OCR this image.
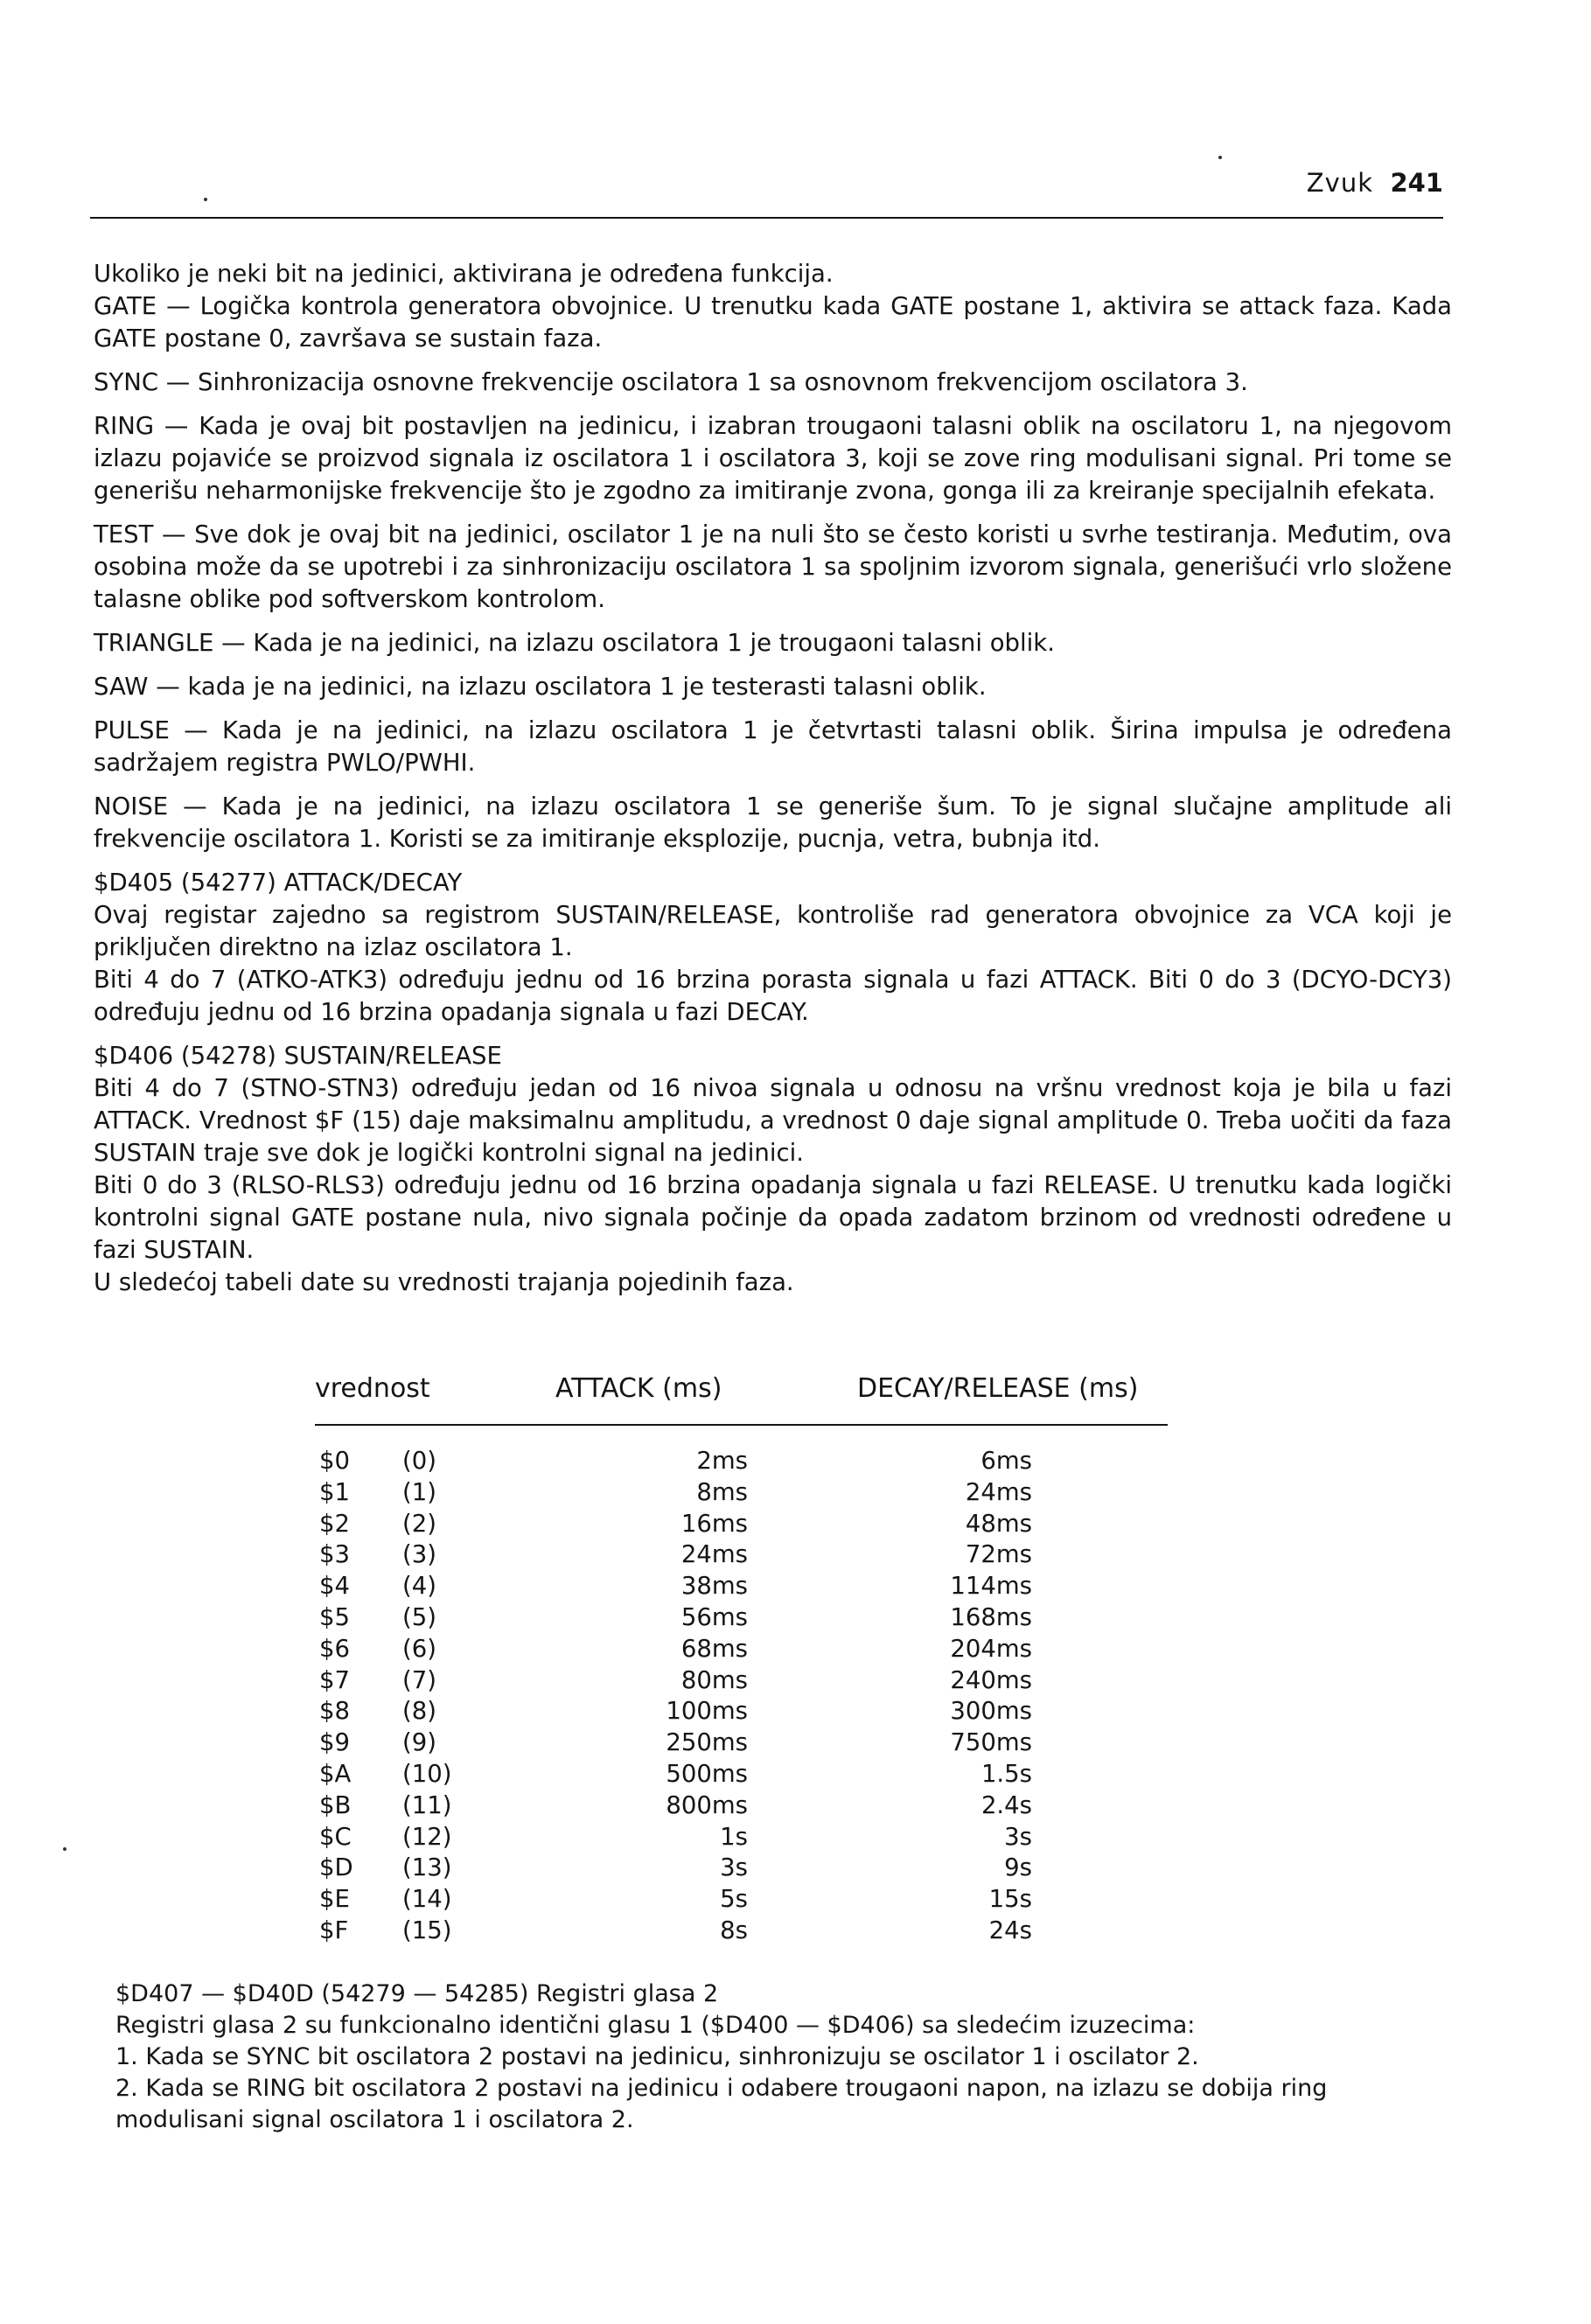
Zvuk 241

Ukoliko je neki bit na jedinici, aktivirana je određena funkcija.

GATE — Logička kontrola generatora obvojnice. U trenutku kada GATE postane 1, aktivira se attack faza. Kada GATE postane 0, završava se sustain faza.

SYNC — Sinhronizacija osnovne frekvencije oscilatora 1 sa osnovnom frekvencijom oscilatora 3.

RING — Kada je ovaj bit postavljen na jedinicu, i izabran trougaoni talasni oblik na oscilatoru 1, na njegovom izlazu pojaviće se proizvod signala iz oscilatora 1 i oscilatora 3, koji se zove ring modulisani signal. Pri tome se generišu neharmonijske frekvencije što je zgodno za imitiranje zvona, gonga ili za kreiranje specijalnih efekata.

TEST — Sve dok je ovaj bit na jedinici, oscilator 1 je na nuli što se često koristi u svrhe testiranja. Međutim, ova osobina može da se upotrebi i za sinhronizaciju oscilatora 1 sa spoljnim izvorom signala, generišući vrlo složene talasne oblike pod softverskom kontrolom.

TRIANGLE — Kada je na jedinici, na izlazu oscilatora 1 je trougaoni talasni oblik.

SAW — kada je na jedinici, na izlazu oscilatora 1 je testerasti talasni oblik.

PULSE — Kada je na jedinici, na izlazu oscilatora 1 je četvrtasti talasni oblik. Širina impulsa je određena sadržajem registra PWLO/PWHI.

NOISE — Kada je na jedinici, na izlazu oscilatora 1 se generiše šum. To je signal slučajne amplitude ali frekvencije oscilatora 1. Koristi se za imitiranje eksplozije, pucnja, vetra, bubnja itd.

$D405 (54277) ATTACK/DECAY

Ovaj registar zajedno sa registrom SUSTAIN/RELEASE, kontroliše rad generatora obvojnice za VCA koji je priključen direktno na izlaz oscilatora 1.

Biti 4 do 7 (ATKO-ATK3) određuju jednu od 16 brzina porasta signala u fazi ATTACK. Biti 0 do 3 (DCYO-DCY3) određuju jednu od 16 brzina opadanja signala u fazi DECAY.

$D406 (54278) SUSTAIN/RELEASE

Biti 4 do 7 (STNO-STN3) određuju jedan od 16 nivoa signala u odnosu na vršnu vrednost koja je bila u fazi ATTACK. Vrednost $F (15) daje maksimalnu amplitudu, a vrednost 0 daje signal amplitude 0. Treba uočiti da faza SUSTAIN traje sve dok je logički kontrolni signal na jedinici.

Biti 0 do 3 (RLSO-RLS3) određuju jednu od 16 brzina opadanja signala u fazi RELEASE. U trenutku kada logički kontrolni signal GATE postane nula, nivo signala počinje da opada zadatom brzinom od vrednosti određene u fazi SUSTAIN.

U sledećoj tabeli date su vrednosti trajanja pojedinih faza.

vrednost	ATTACK (ms)	DECAY/RELEASE (ms)
$0 (0)	2ms	6ms
$1 (1)	8ms	24ms
$2 (2)	16ms	48ms
$3 (3)	24ms	72ms
$4 (4)	38ms	114ms
$5 (5)	56ms	168ms
$6 (6)	68ms	204ms
$7 (7)	80ms	240ms
$8 (8)	100ms	300ms
$9 (9)	250ms	750ms
$A (10)	500ms	1.5s
$B (11)	800ms	2.4s
$C (12)	1s	3s
$D (13)	3s	9s
$E (14)	5s	15s
$F (15)	8s	24s

$D407 — $D40D (54279 — 54285) Registri glasa 2

Registri glasa 2 su funkcionalno identični glasu 1 ($D400 — $D406) sa sledećim izuzecima:

1. Kada se SYNC bit oscilatora 2 postavi na jedinicu, sinhronizuju se oscilator 1 i oscilator 2.

2. Kada se RING bit oscilatora 2 postavi na jedinicu i odabere trougaoni napon, na izlazu se dobija ring modulisani signal oscilatora 1 i oscilatora 2.
